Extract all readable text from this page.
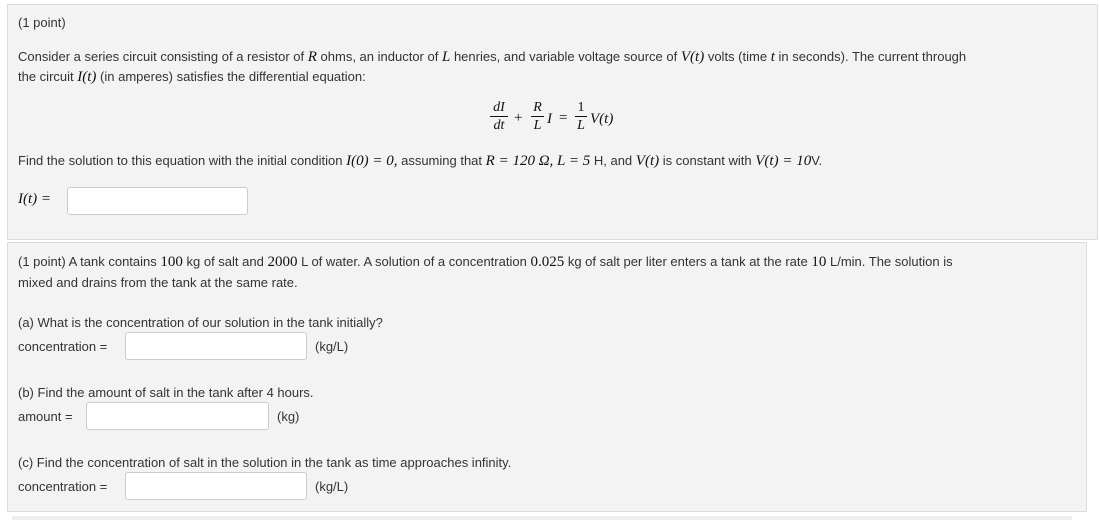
(1 point)
Consider a series circuit consisting of a resistor of R ohms, an inductor of L henries, and variable voltage source of V(t) volts (time t in seconds). The current through
the circuit I(t) (in amperes) satisfies the differential equation:
dI
dt +
R
L I =
1
L V(t)
Find the solution to this equation with the initial condition I(0) = 0, assuming that R = 120 Ω, L = 5 H, and V(t) is constant with V(t) = 10V.
I(t) =
(1 point) A tank contains 100 kg of salt and 2000 L of water. A solution of a concentration 0.025 kg of salt per liter enters a tank at the rate 10 L/min. The solution is
mixed and drains from the tank at the same rate.
(a) What is the concentration of our solution in the tank initially?
concentration =	(kg/L)
(b) Find the amount of salt in the tank after 4 hours.
amount =	(kg)
(c) Find the concentration of salt in the solution in the tank as time approaches infinity.
concentration =	(kg/L)
